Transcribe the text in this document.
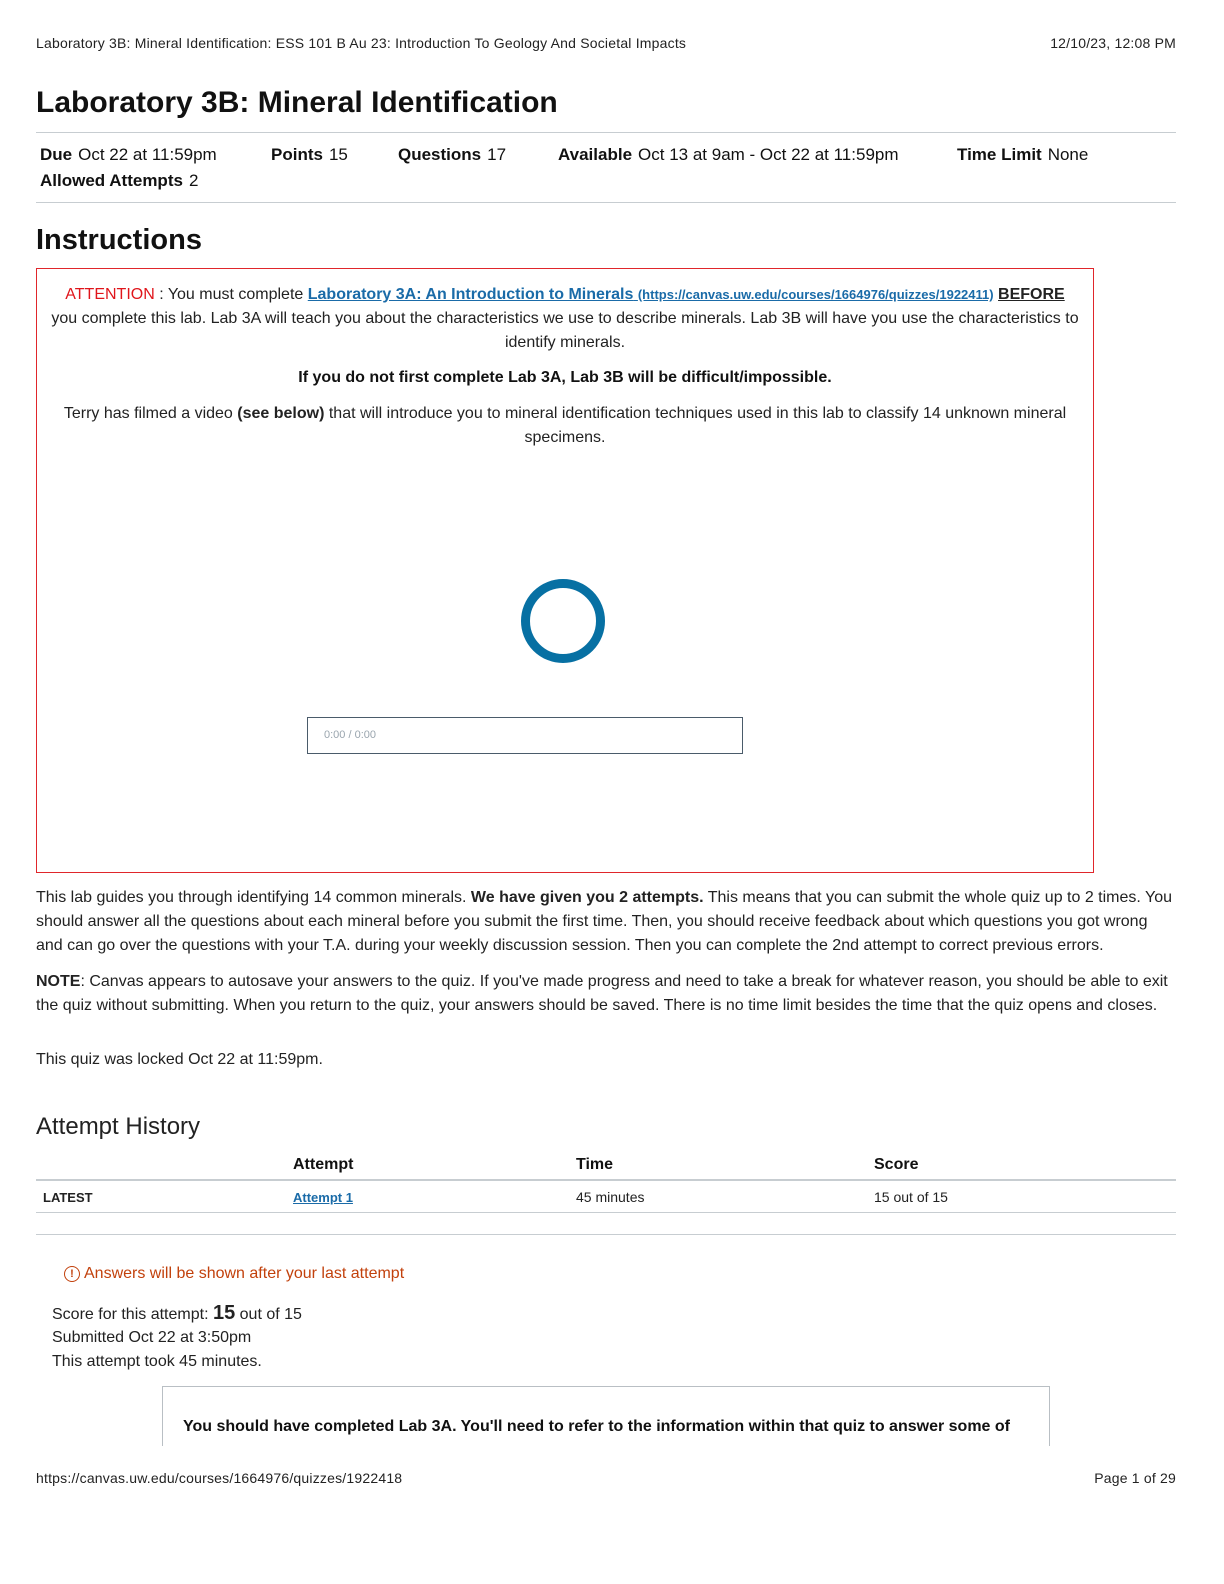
Laboratory 3B: Mineral Identification: ESS 101 B Au 23: Introduction To Geology And Societal Impacts	12/10/23, 12:08 PM
Laboratory 3B: Mineral Identification
Due Oct 22 at 11:59pm	Points 15	Questions 17	Available Oct 13 at 9am - Oct 22 at 11:59pm	Time Limit None
Allowed Attempts 2
Instructions

ATTENTION : You must complete Laboratory 3A: An Introduction to Minerals (https://canvas.uw.edu/courses/1664976/quizzes/1922411) BEFORE you complete this lab. Lab 3A will teach you about the characteristics we use to describe minerals. Lab 3B will have you use the characteristics to identify minerals.

If you do not first complete Lab 3A, Lab 3B will be difficult/impossible.

Terry has filmed a video (see below) that will introduce you to mineral identification techniques used in this lab to classify 14 unknown mineral specimens.

0:00 / 0:00

This lab guides you through identifying 14 common minerals. We have given you 2 attempts. This means that you can submit the whole quiz up to 2 times. You should answer all the questions about each mineral before you submit the first time. Then, you should receive feedback about which questions you got wrong and can go over the questions with your T.A. during your weekly discussion session. Then you can complete the 2nd attempt to correct previous errors.

NOTE: Canvas appears to autosave your answers to the quiz. If you've made progress and need to take a break for whatever reason, you should be able to exit the quiz without submitting. When you return to the quiz, your answers should be saved. There is no time limit besides the time that the quiz opens and closes.

This quiz was locked Oct 22 at 11:59pm.

Attempt History
	Attempt	Time	Score
LATEST	Attempt 1	45 minutes	15 out of 15
! Answers will be shown after your last attempt
Score for this attempt: 15 out of 15
Submitted Oct 22 at 3:50pm
This attempt took 45 minutes.

You should have completed Lab 3A. You'll need to refer to the information within that quiz to answer some of

https://canvas.uw.edu/courses/1664976/quizzes/1922418	Page 1 of 29
